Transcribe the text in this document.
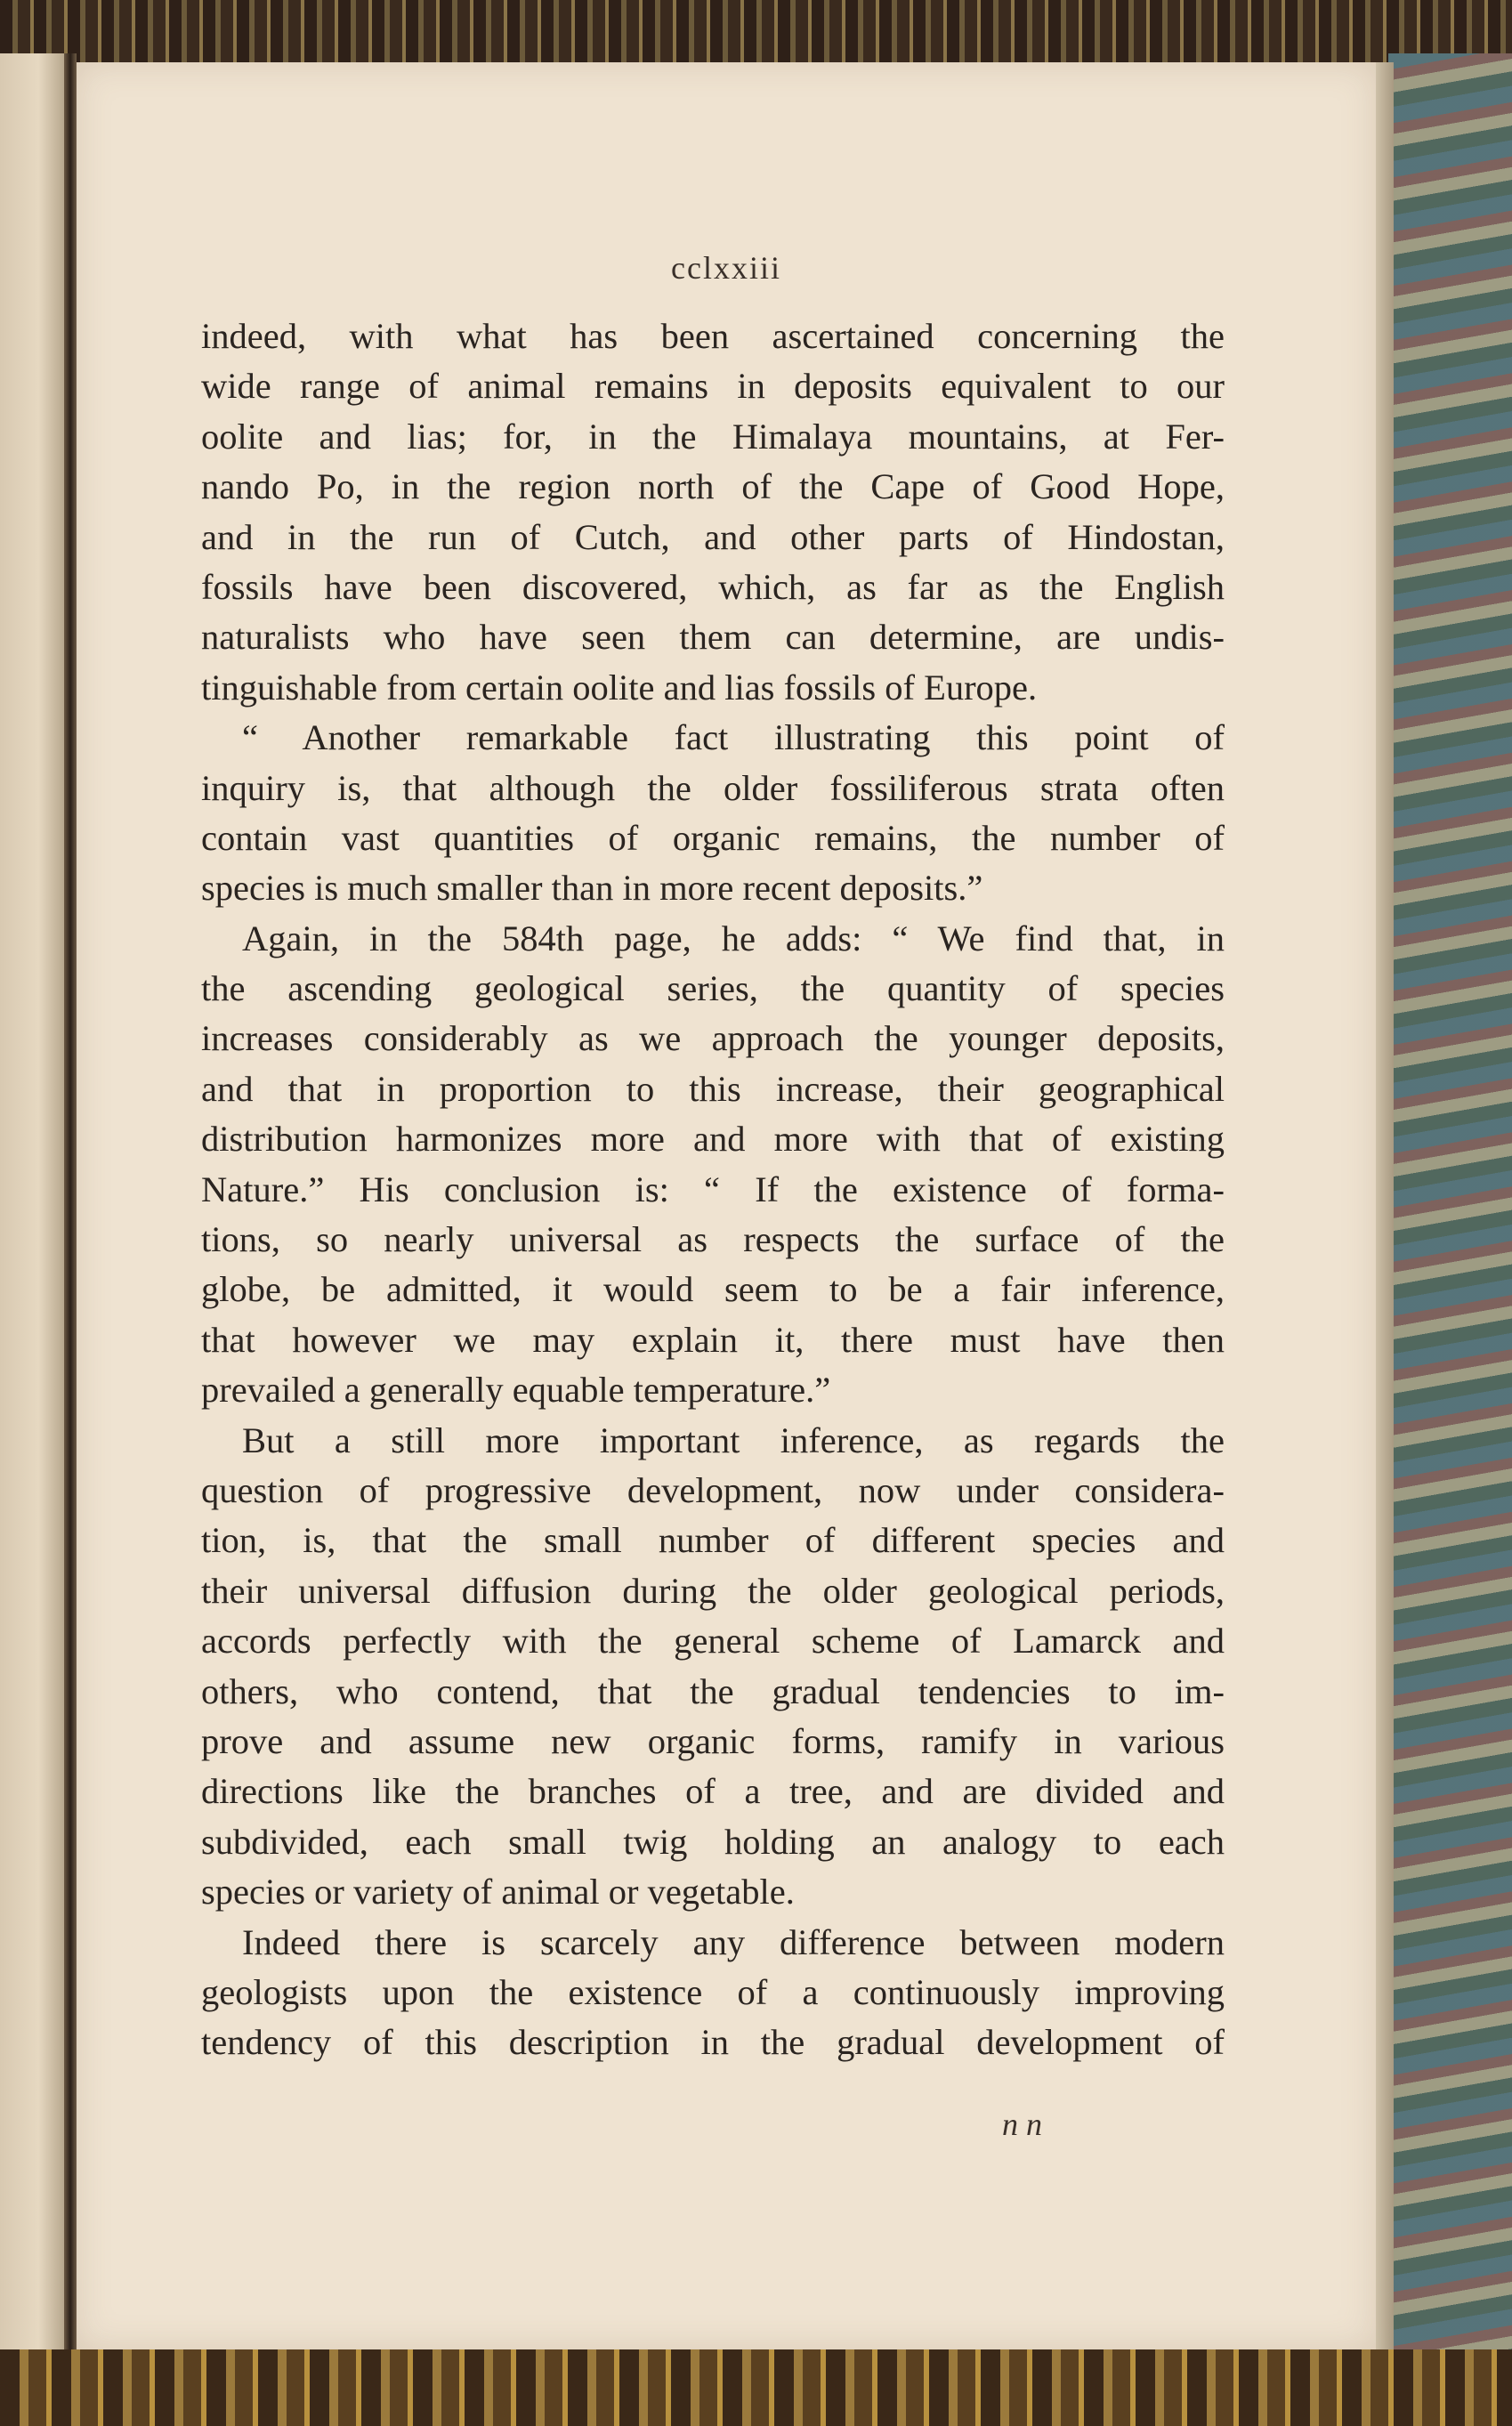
cclxxiii
indeed, with what has been ascertained concerning the
wide range of animal remains in deposits equivalent to our
oolite and lias; for, in the Himalaya mountains, at Fer-
nando Po, in the region north of the Cape of Good Hope,
and in the run of Cutch, and other parts of Hindostan,
fossils have been discovered, which, as far as the English
naturalists who have seen them can determine, are undis-
tinguishable from certain oolite and lias fossils of Europe.
“ Another remarkable fact illustrating this point of
inquiry is, that although the older fossiliferous strata often
contain vast quantities of organic remains, the number of
species is much smaller than in more recent deposits.”
Again, in the 584th page, he adds: “ We find that, in
the ascending geological series, the quantity of species
increases considerably as we approach the younger deposits,
and that in proportion to this increase, their geographical
distribution harmonizes more and more with that of existing
Nature.” His conclusion is: “ If the existence of forma-
tions, so nearly universal as respects the surface of the
globe, be admitted, it would seem to be a fair inference,
that however we may explain it, there must have then
prevailed a generally equable temperature.”
But a still more important inference, as regards the
question of progressive development, now under considera-
tion, is, that the small number of different species and
their universal diffusion during the older geological periods,
accords perfectly with the general scheme of Lamarck and
others, who contend, that the gradual tendencies to im-
prove and assume new organic forms, ramify in various
directions like the branches of a tree, and are divided and
subdivided, each small twig holding an analogy to each
species or variety of animal or vegetable.
Indeed there is scarcely any difference between modern
geologists upon the existence of a continuously improving
tendency of this description in the gradual development of
n n
